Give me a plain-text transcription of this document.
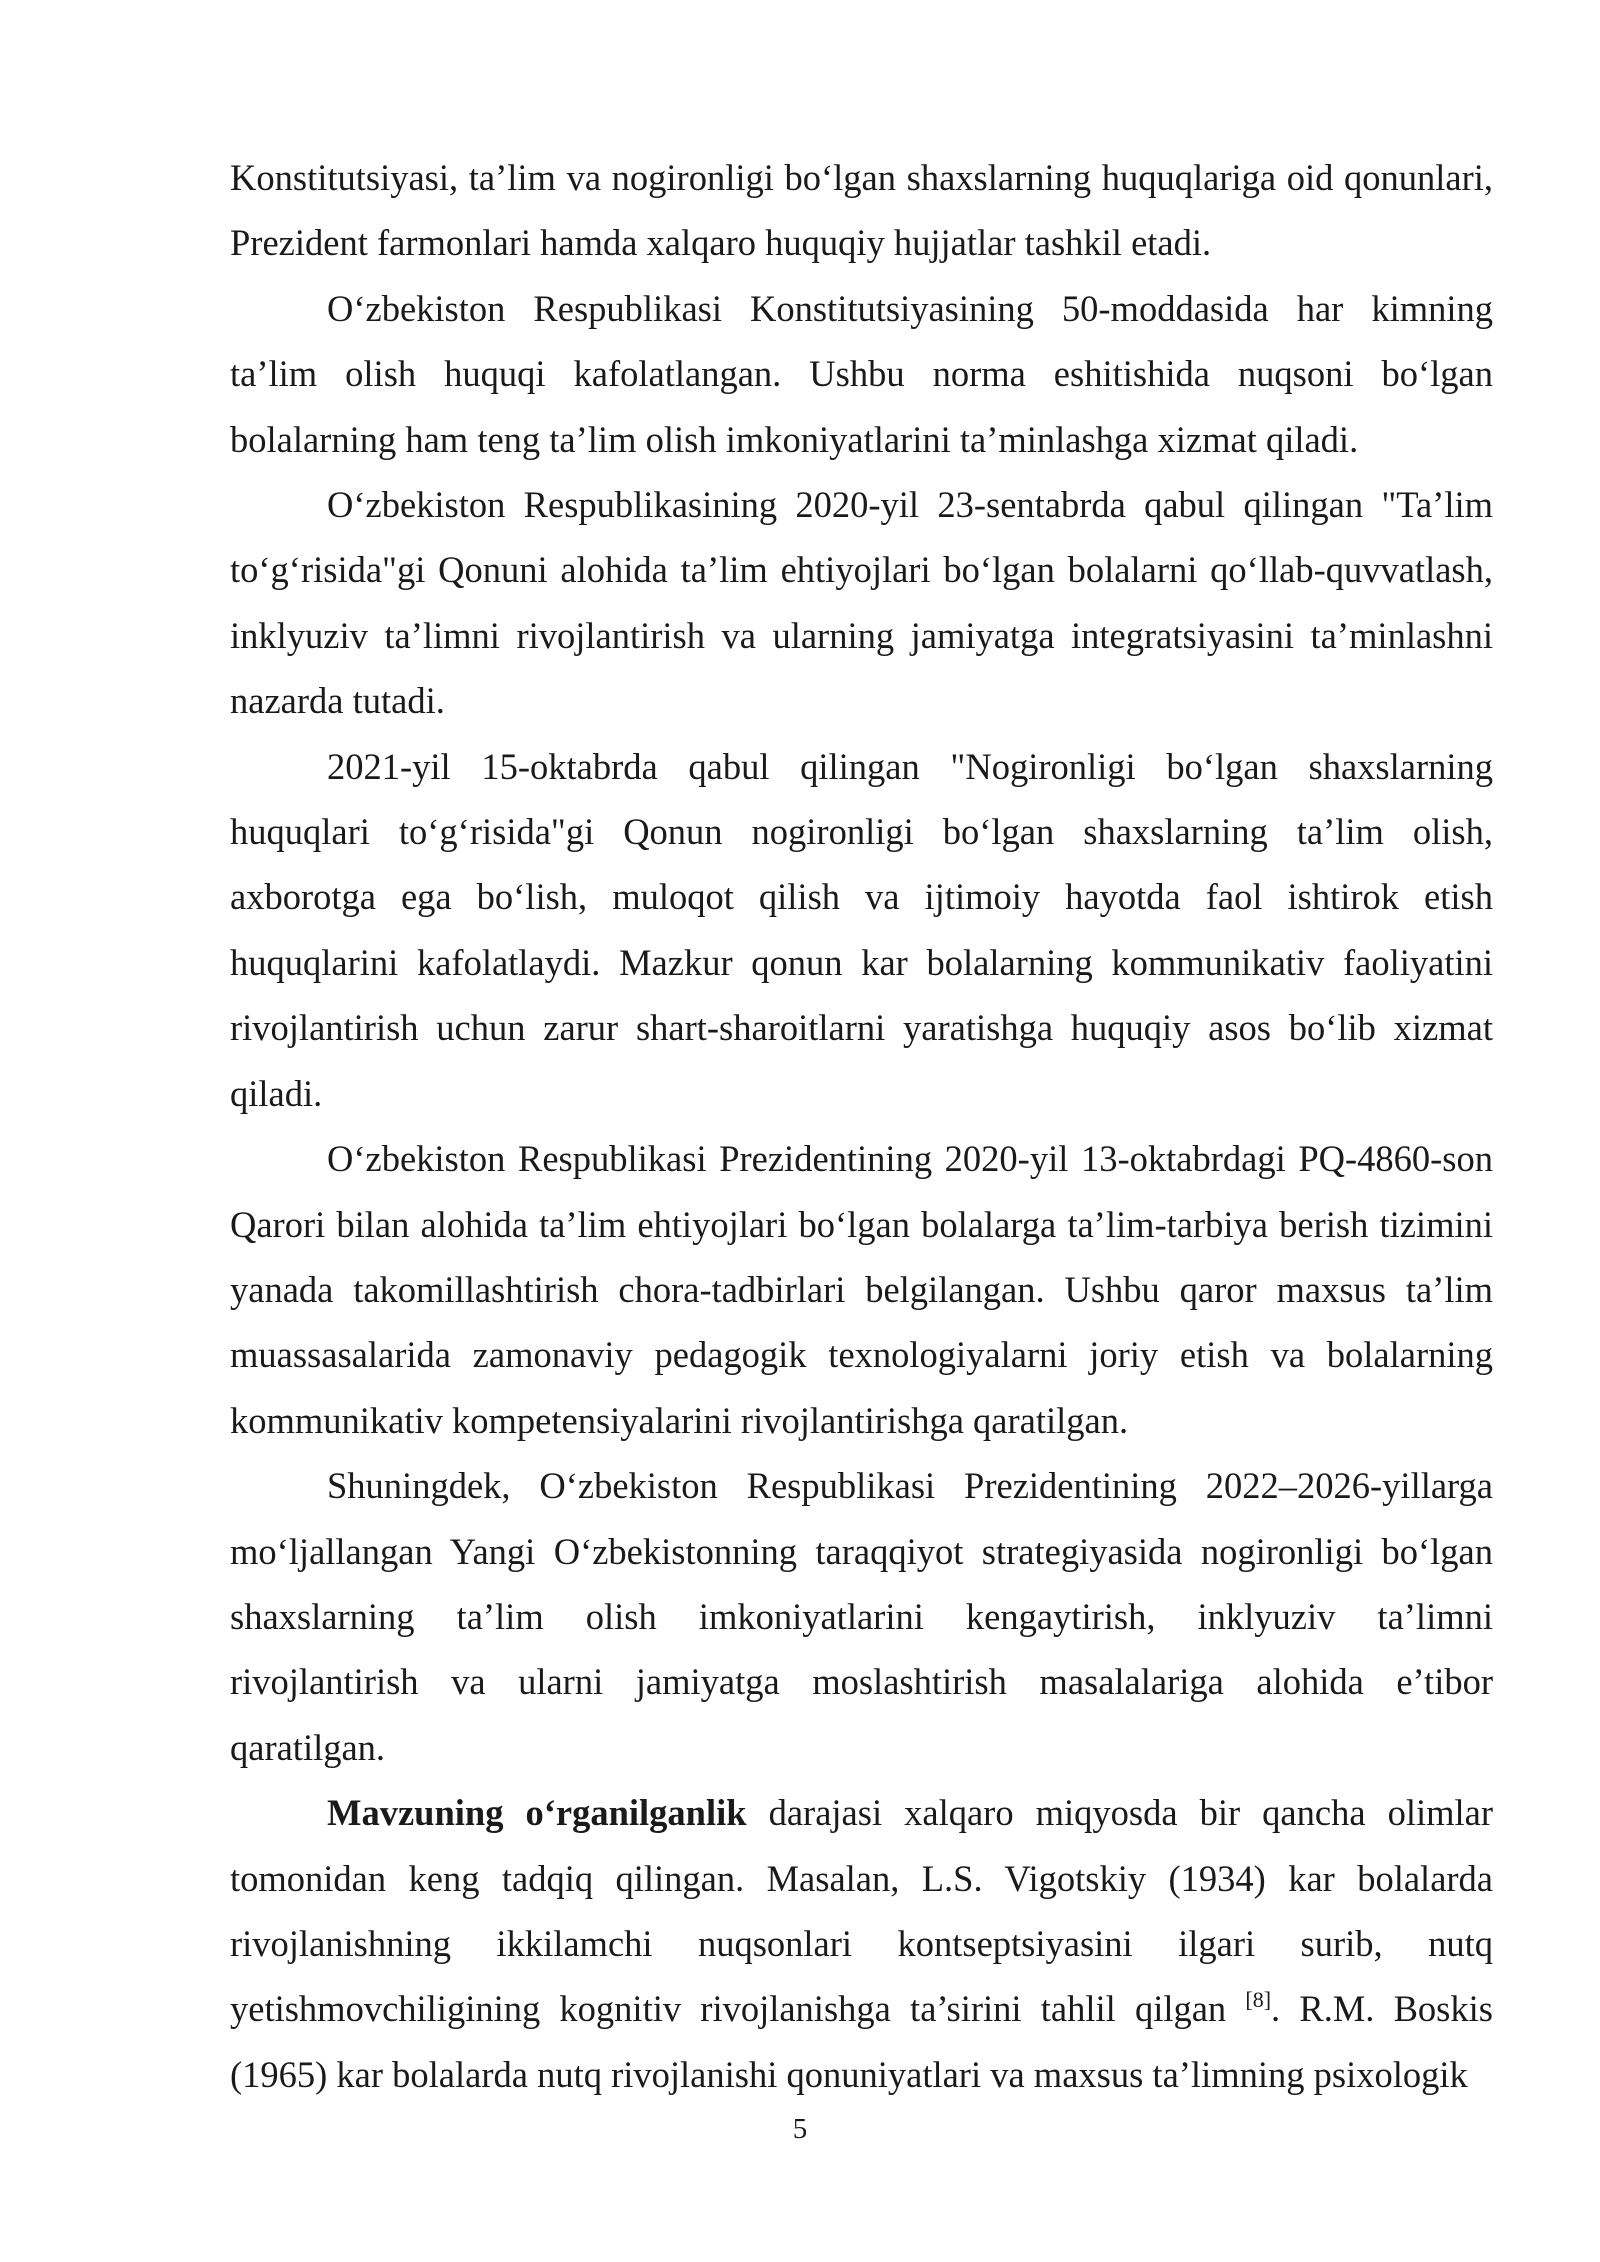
Konstitutsiyasi, ta’lim va nogironligi bo‘lgan shaxslarning huquqlariga oid qonunlari, Prezident farmonlari hamda xalqaro huquqiy hujjatlar tashkil etadi.

O‘zbekiston Respublikasi Konstitutsiyasining 50-moddasida har kimning ta’lim olish huquqi kafolatlangan. Ushbu norma eshitishida nuqsoni bo‘lgan bolalarning ham teng ta’lim olish imkoniyatlarini ta’minlashga xizmat qiladi.

O‘zbekiston Respublikasining 2020-yil 23-sentabrda qabul qilingan "Ta’lim to‘g‘risida"gi Qonuni alohida ta’lim ehtiyojlari bo‘lgan bolalarni qo‘llab-quvvatlash, inklyuziv ta’limni rivojlantirish va ularning jamiyatga integratsiyasini ta’minlashni nazarda tutadi.

2021-yil 15-oktabrda qabul qilingan "Nogironligi bo‘lgan shaxslarning huquqlari to‘g‘risida"gi Qonun nogironligi bo‘lgan shaxslarning ta’lim olish, axborotga ega bo‘lish, muloqot qilish va ijtimoiy hayotda faol ishtirok etish huquqlarini kafolatlaydi. Mazkur qonun kar bolalarning kommunikativ faoliyatini rivojlantirish uchun zarur shart-sharoitlarni yaratishga huquqiy asos bo‘lib xizmat qiladi.

O‘zbekiston Respublikasi Prezidentining 2020-yil 13-oktabrdagi PQ-4860-son Qarori bilan alohida ta’lim ehtiyojlari bo‘lgan bolalarga ta’lim-tarbiya berish tizimini yanada takomillashtirish chora-tadbirlari belgilangan. Ushbu qaror maxsus ta’lim muassasalarida zamonaviy pedagogik texnologiyalarni joriy etish va bolalarning kommunikativ kompetensiyalarini rivojlantirishga qaratilgan.

Shuningdek, O‘zbekiston Respublikasi Prezidentining 2022–2026-yillarga mo‘ljallangan Yangi O‘zbekistonning taraqqiyot strategiyasida nogironligi bo‘lgan shaxslarning ta’lim olish imkoniyatlarini kengaytirish, inklyuziv ta’limni rivojlantirish va ularni jamiyatga moslashtirish masalalariga alohida e’tibor qaratilgan.

Mavzuning o‘rganilganlik darajasi xalqaro miqyosda bir qancha olimlar tomonidan keng tadqiq qilingan. Masalan, L.S. Vigotskiy (1934) kar bolalarda rivojlanishning ikkilamchi nuqsonlari kontseptsiyasini ilgari surib, nutq yetishmovchiligining kognitiv rivojlanishga ta’sirini tahlil qilgan [8]. R.M. Boskis (1965) kar bolalarda nutq rivojlanishi qonuniyatlari va maxsus ta’limning psixologik

5
